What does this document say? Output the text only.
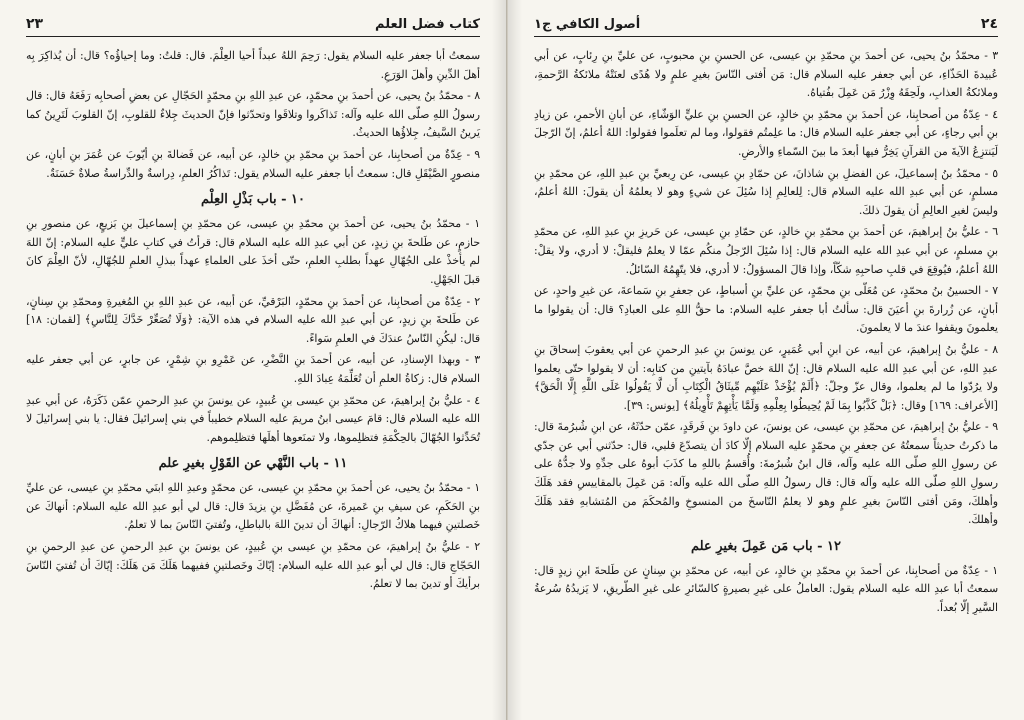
كتاب فضل العلم
٢٣

سمعتُ أبا جعفر عليه السلام يقول: رَحِمَ اللهُ عبداً أحيا العِلْمَ. قال: قلتُ: وما إحياؤُه؟ قال: أن يُذاكِرَ بِه أهلَ الدِّينِ وأهلَ الوَرَعِ.

٨ - محمّدُ بنُ يحيى، عن أحمدَ بنِ محمّدٍ، عن عبدِ اللهِ بنِ محمّدٍ الحَجّالِ عن بعضِ أصحابِه رَفَعَهُ قال: قال رسولُ اللهِ صلّى الله عليه وآله: تَذاكَروا وتلاقَوا وتحدّثوا فإنّ الحديثَ جِلاءٌ للقلوبِ، إنّ القلوبَ لَتَرِينُ كما يَرينُ السَّيفُ، جِلاؤُها الحديثُ.

٩ - عِدّةٌ من أصحابِنا، عن أحمدَ بنِ محمّدِ بنِ خالدٍ، عن أبيه، عن فَضالةَ بنِ أيّوبَ عن عُمَرَ بنِ أبانٍ، عن منصورٍ الصَّيْقَلِ قال: سمعتُ أبا جعفر عليه السلام يقول: تَذاكُرُ العلمِ، دِراسةٌ والدِّراسةُ صلاةٌ حَسَنَةٌ.

١٠ - باب بَذْلِ العِلْم

١ - محمّدُ بنُ يحيى، عن أحمدَ بنِ محمّدِ بنِ عيسى، عن محمّدِ بنِ إسماعيلَ بنِ بَزيعٍ، عن منصورِ بنِ حازمٍ، عن طَلحةَ بنِ زيدٍ، عن أبي عبدِ الله عليه السلام قال: قرأتُ في كتابِ عليٍّ عليه السلام: إنّ اللهَ لم يأخذْ على الجُهّالِ عهداً بطلبِ العلمِ، حتّى أخذَ على العلماءِ عهداً ببذلِ العلمِ للجُهّالِ، لأنّ العِلْمَ كانَ قبلَ الجَهْلِ.

٢ - عِدّةٌ من أصحابِنا، عن أحمدَ بنِ محمّدٍ، البَرْقيِّ، عن أبيه، عن عبدِ اللهِ بنِ المُغيرةِ ومحمّدِ بنِ سِنانٍ، عن طَلحةَ بنِ زيدٍ، عن أبي عبدِ الله عليه السلام في هذه الآية: ﴿وَلَا تُصَعِّرْ خَدَّكَ لِلنَّاسِ﴾ [لقمان: ١٨] قال: ليكُنِ النّاسُ عندَكَ في العلمِ سَواءً.

٣ - وبهذا الإسنادِ، عن أبيه، عن أحمدَ بنِ النَّضْرِ، عن عَمْرِو بنِ شِمْرٍ، عن جابرٍ، عن أبي جعفر عليه السلام قال: زكاةُ العلمِ أن تُعَلِّمَهُ عِبادَ اللهِ.

٤ - عليُّ بنُ إبراهيمَ، عن محمّدِ بنِ عيسى بنِ عُبيدٍ، عن يونسَ بنِ عبدِ الرحمنِ عمّن ذَكَرَهُ، عن أبي عبدِ الله عليه السلام قال: قامَ عيسى ابنُ مريمَ عليه السلام خطيباً في بني إسرائيلَ فقال: يا بني إسرائيلَ لا تُحَدِّثوا الجُهّالَ بالحِكْمَةِ فتظلِموها، ولا تمنَعوها أهلَها فتظلِموهم.

١١ - باب النَّهْي عن القَوْلِ بغيرِ علم

١ - محمّدُ بنُ يحيى، عن أحمدَ بنِ محمّدِ بنِ عيسى، عن محمّدٍ وعبدِ اللهِ ابنَي محمّدِ بنِ عيسى، عن عليِّ بنِ الحَكَمِ، عن سيفِ بنِ عَميرةَ، عن مُفَضَّلِ بنِ يزيدَ قال: قال لي أبو عبدِ الله عليه السلام: أنهاكَ عن خَصلتينِ فيهما هلاكُ الرّجالِ: أنهاكَ أن تدينَ اللهَ بالباطلِ، وتُفتيَ النّاسَ بما لا تعلمُ.

٢ - عليُّ بنُ إبراهيمَ، عن محمّدِ بنِ عيسى بنِ عُبيدٍ، عن يونسَ بنِ عبدِ الرحمنِ عن عبدِ الرحمنِ بنِ الحَجّاجِ قال: قال لي أبو عبدِ الله عليه السلام: إيّاكَ وخَصلتينِ ففيهما هَلَكَ مَن هَلَكَ: إيّاكَ أن تُفتيَ النّاسَ برأيكَ أو تدينَ بما لا تعلمُ.

٢٤
أصول الكافي ج١

٣ - محمّدُ بنُ يحيى، عن أحمدَ بنِ محمّدِ بنِ عيسى، عن الحسنِ بنِ محبوبٍ، عن عليِّ بنِ رِئابٍ، عن أبي عُبيدةَ الحَذّاءِ، عن أبي جعفر عليه السلام قال: مَن أفتى النّاسَ بغيرِ علمٍ ولا هُدًى لعنَتْهُ ملائكةُ الرَّحمةِ، وملائكةُ العذابِ، ولَحِقَهُ وِزْرُ مَن عَمِلَ بفُتياهُ.

٤ - عِدّةٌ من أصحابِنا، عن أحمدَ بنِ محمّدِ بنِ خالدٍ، عن الحسنِ بنِ عليٍّ الوَشّاءِ، عن أبانِ الأحمرِ، عن زيادِ بنِ أبي رجاءٍ، عن أبي جعفر عليه السلام قال: ما علِمتُم فقولوا، وما لم تعلَموا فقولوا: اللهُ أعلمُ، إنّ الرّجلَ لَيَنتزِعُ الآيةَ من القرآنِ يَخِرُّ فيها أبعدَ ما بينَ السّماءِ والأرضِ.

٥ - محمّدُ بنُ إسماعيلَ، عن الفضلِ بنِ شاذانَ، عن حمّادِ بنِ عيسى، عن رِبعيِّ بنِ عبدِ اللهِ، عن محمّدِ بنِ مسلمٍ، عن أبي عبدِ الله عليه السلام قال: لِلعالِمِ إذا سُئِلَ عن شيءٍ وهو لا يعلمُهُ أن يقولَ: اللهُ أعلمُ، وليسَ لغيرِ العالِمِ أن يقولَ ذلكَ.

٦ - عليُّ بنُ إبراهيمَ، عن أحمدَ بنِ محمّدِ بنِ خالدٍ، عن حمّادِ بنِ عيسى، عن حَريزِ بنِ عبدِ اللهِ، عن محمّدِ بنِ مسلمٍ، عن أبي عبدِ الله عليه السلام قال: إذا سُئِلَ الرّجلُ منكُم عمّا لا يعلمُ فليقلْ: لا أدري، ولا يقلْ: اللهُ أعلمُ، فيُوقِعَ في قلبِ صاحبِهِ شكّاً، وإذا قالَ المسؤولُ: لا أدري، فلا يتّهِمُهُ السّائلُ.

٧ - الحسينُ بنُ محمّدٍ، عن مُعَلّى بنِ محمّدٍ، عن عليِّ بنِ أسباطٍ، عن جعفرِ بنِ سَماعةَ، عن غيرِ واحدٍ، عن أبانٍ، عن زُرارةَ بنِ أعيَنَ قال: سألتُ أبا جعفر عليه السلام: ما حقُّ اللهِ على العبادِ؟ قال: أن يقولوا ما يعلمونَ ويقفوا عندَ ما لا يعلمونَ.

٨ - عليُّ بنُ إبراهيمَ، عن أبيه، عن ابنِ أبي عُمَيرٍ، عن يونسَ بنِ عبدِ الرحمنِ عن أبي يعقوبَ إسحاقَ بنِ عبدِ اللهِ، عن أبي عبدِ الله عليه السلام قال: إنّ اللهَ خصَّ عبادَهُ بآيتينِ من كتابِه: أن لا يقولوا حتّى يعلموا ولا يرُدّوا ما لم يعلموا، وقال عزّ وجلّ: ﴿أَلَمْ يُؤْخَذْ عَلَيْهِم مِّيثَاقُ الْكِتَابِ أَن لَّا يَقُولُوا عَلَى اللَّهِ إِلَّا الْحَقَّ﴾ [الأعراف: ١٦٩] وقال: ﴿بَلْ كَذَّبُوا بِمَا لَمْ يُحِيطُوا بِعِلْمِهِ وَلَمَّا يَأْتِهِمْ تَأْوِيلُهُ﴾ [يونس: ٣٩].

٩ - عليُّ بنُ إبراهيمَ، عن محمّدِ بنِ عيسى، عن يونسَ، عن داودَ بنِ فَرقَدٍ، عمّن حدّثَهُ، عن ابنِ شُبرُمةَ قال: ما ذكرتُ حديثاً سمعتُهُ عن جعفرِ بنِ محمّدٍ عليه السلام إلّا كادَ أن يتصدّعَ قلبي، قال: حدّثني أبي عن جدّي عن رسولِ اللهِ صلّى الله عليه وآله، قال ابنُ شُبرُمةَ: وأُقسمُ باللهِ ما كذَبَ أبوهُ على جدِّهِ ولا جدُّهُ على رسولِ اللهِ صلّى الله عليه وآله قال: قال رسولُ اللهِ صلّى الله عليه وآله: مَن عَمِلَ بالمقاييسِ فقد هَلَكَ وأهلكَ، ومَن أفتى النّاسَ بغيرِ علمٍ وهو لا يعلمُ النّاسخَ من المنسوخِ والمُحكَمَ من المُتشابهِ فقد هَلَكَ وأهلكَ.

١٢ - باب مَن عَمِلَ بغيرِ علم

١ - عِدّةٌ من أصحابِنا، عن أحمدَ بنِ محمّدِ بنِ خالدٍ، عن أبيه، عن محمّدِ بنِ سِنانٍ عن طَلحةَ ابنِ زيدٍ قال: سمعتُ أبا عبدِ الله عليه السلام يقول: العاملُ على غيرِ بصيرةٍ كالسّائرِ على غيرِ الطّريقِ، لا يَزيدُهُ سُرعةُ السَّيرِ إلّا بُعداً.
